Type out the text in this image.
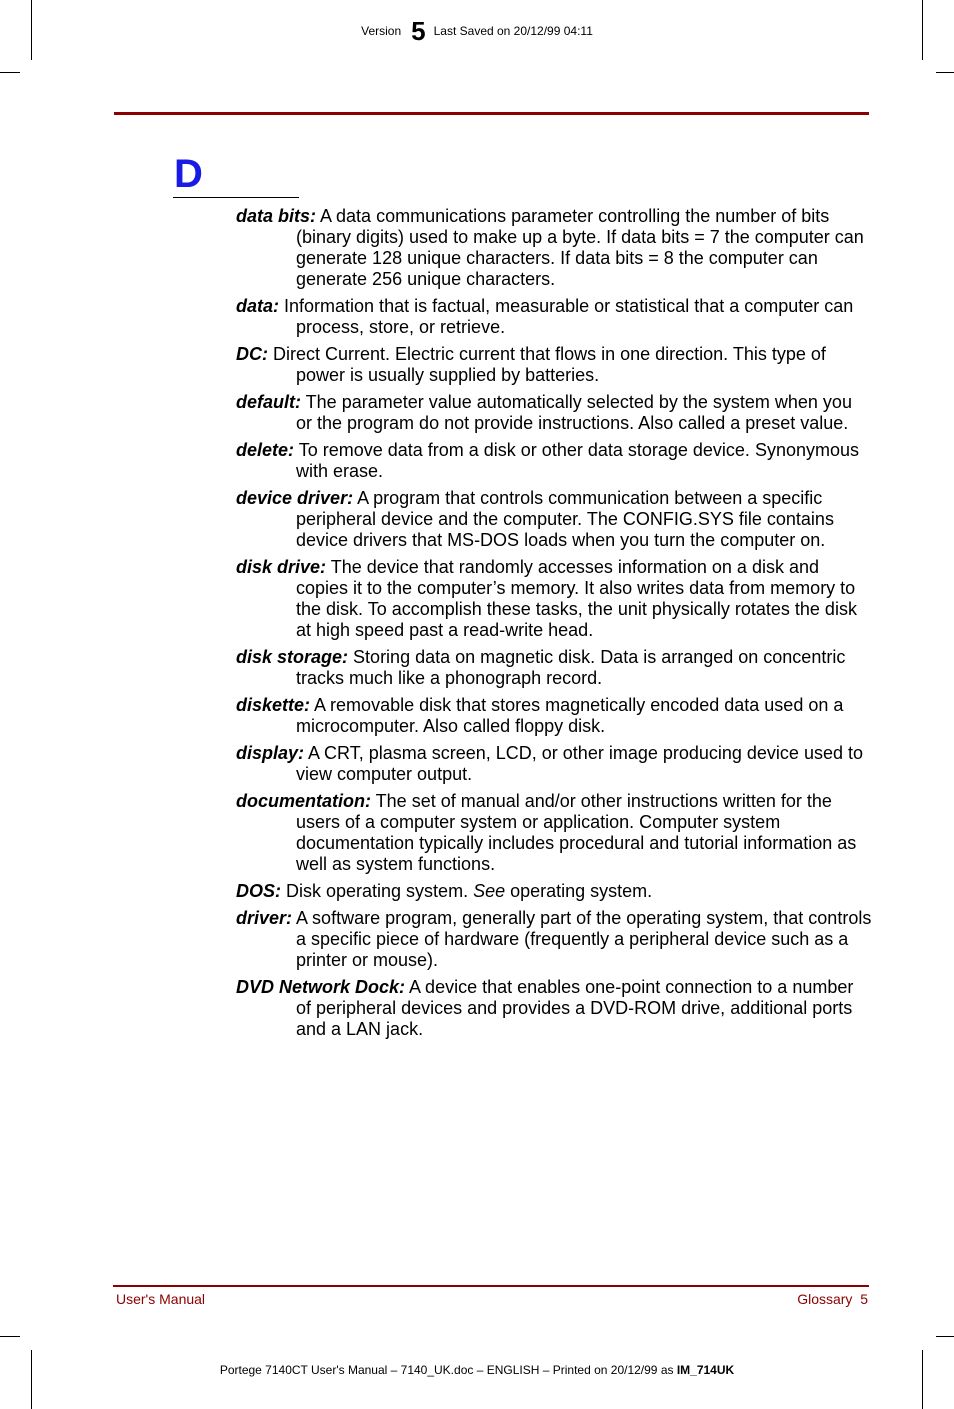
Version 5 Last Saved on 20/12/99 04:11
D

data bits: A data communications parameter controlling the number of bits (binary digits) used to make up a byte. If data bits = 7 the computer can generate 128 unique characters. If data bits = 8 the computer can generate 256 unique characters.

data: Information that is factual, measurable or statistical that a computer can process, store, or retrieve.

DC: Direct Current. Electric current that flows in one direction. This type of power is usually supplied by batteries.

default: The parameter value automatically selected by the system when you or the program do not provide instructions. Also called a preset value.

delete: To remove data from a disk or other data storage device. Synonymous with erase.

device driver: A program that controls communication between a specific peripheral device and the computer. The CONFIG.SYS file contains device drivers that MS-DOS loads when you turn the computer on.

disk drive: The device that randomly accesses information on a disk and copies it to the computer’s memory. It also writes data from memory to the disk. To accomplish these tasks, the unit physically rotates the disk at high speed past a read-write head.

disk storage: Storing data on magnetic disk. Data is arranged on concentric tracks much like a phonograph record.

diskette: A removable disk that stores magnetically encoded data used on a microcomputer. Also called floppy disk.

display: A CRT, plasma screen, LCD, or other image producing device used to view computer output.

documentation: The set of manual and/or other instructions written for the users of a computer system or application. Computer system documentation typically includes procedural and tutorial information as well as system functions.

DOS: Disk operating system. See operating system.

driver: A software program, generally part of the operating system, that controls a specific piece of hardware (frequently a peripheral device such as a printer or mouse).

DVD Network Dock: A device that enables one-point connection to a number of peripheral devices and provides a DVD-ROM drive, additional ports and a LAN jack.

User's Manual	Glossary  5
Portege 7140CT User's Manual – 7140_UK.doc – ENGLISH – Printed on 20/12/99 as IM_714UK
